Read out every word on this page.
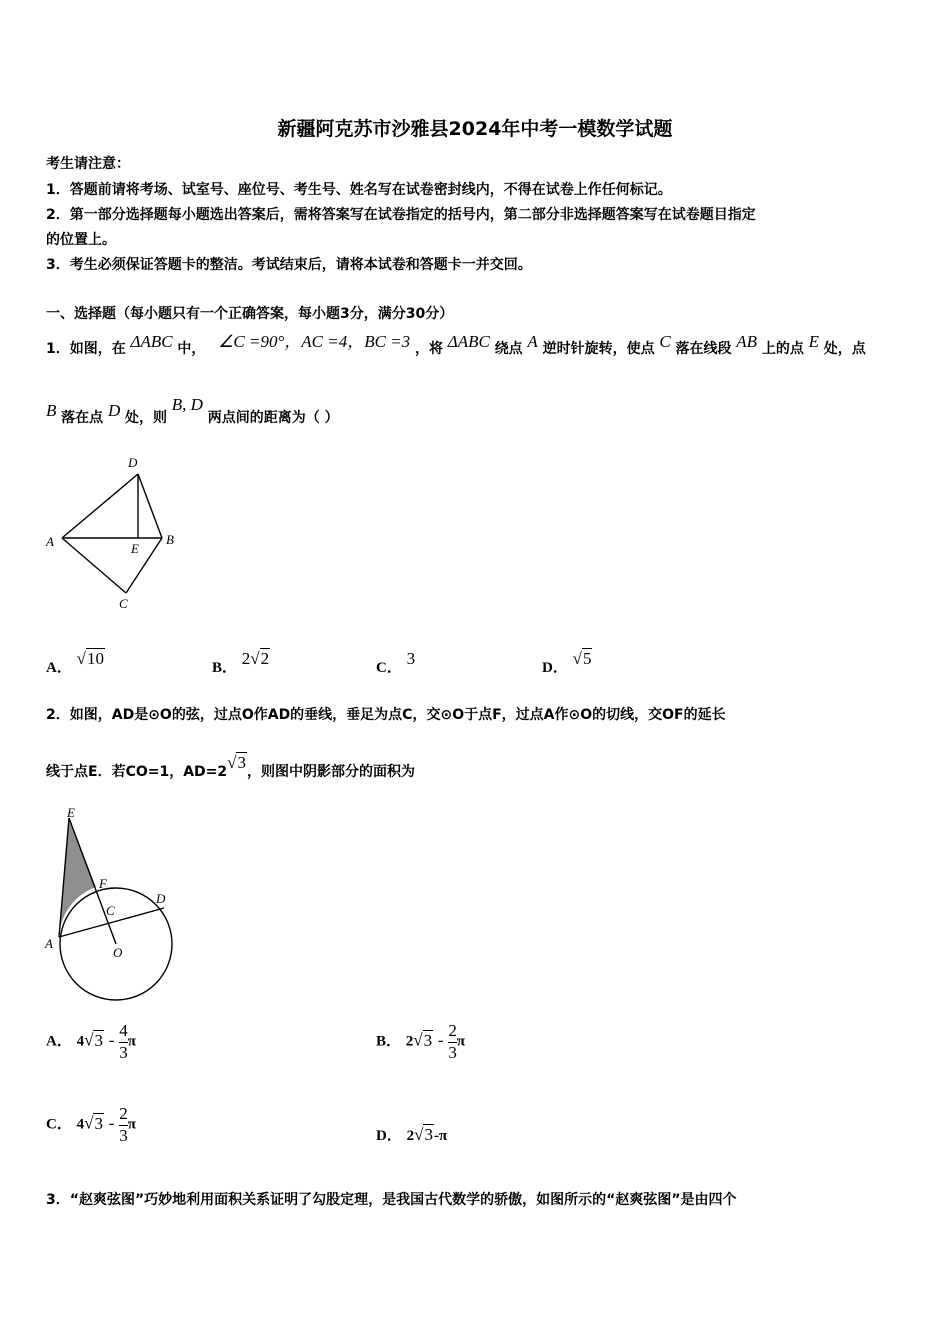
新疆阿克苏市沙雅县2024年中考一模数学试题
考生请注意：
1．答题前请将考场、试室号、座位号、考生号、姓名写在试卷密封线内，不得在试卷上作任何标记。
2．第一部分选择题每小题选出答案后，需将答案写在试卷指定的括号内，第二部分非选择题答案写在试卷题目指定
的位置上。
3．考生必须保证答题卡的整洁。考试结束后，请将本试卷和答题卡一并交回。
一、选择题（每小题只有一个正确答案，每小题3分，满分30分）
1．如图，在 ΔABC 中， ∠C =90°，AC =4，BC =3 ，将 ΔABC 绕点 A 逆时针旋转，使点 C 落在线段 AB 上的点 E 处，点
B 落在点 D 处，则 B, D 两点间的距离为（ ）
D
A	E
B
C
A． √10	B． 2√2	C． 3	D． √5
2．如图，AD是⊙O的弦，过点O作AD的垂线，垂足为点C，交⊙O于点F，过点A作⊙O的切线，交OF的延长
线于点E．若CO=1，AD=2√3，则图中阴影部分的面积为
E
F
D
C
A
O
A． $4√3 - \frac{4}{3}$ π	B． $2√3 - \frac{2}{3}$ π
C． $4√3 - \frac{2}{3}$ π
D． 2√3-π
3．“赵爽弦图”巧妙地利用面积关系证明了勾股定理，是我国古代数学的骄傲，如图所示的“赵爽弦图”是由四个
